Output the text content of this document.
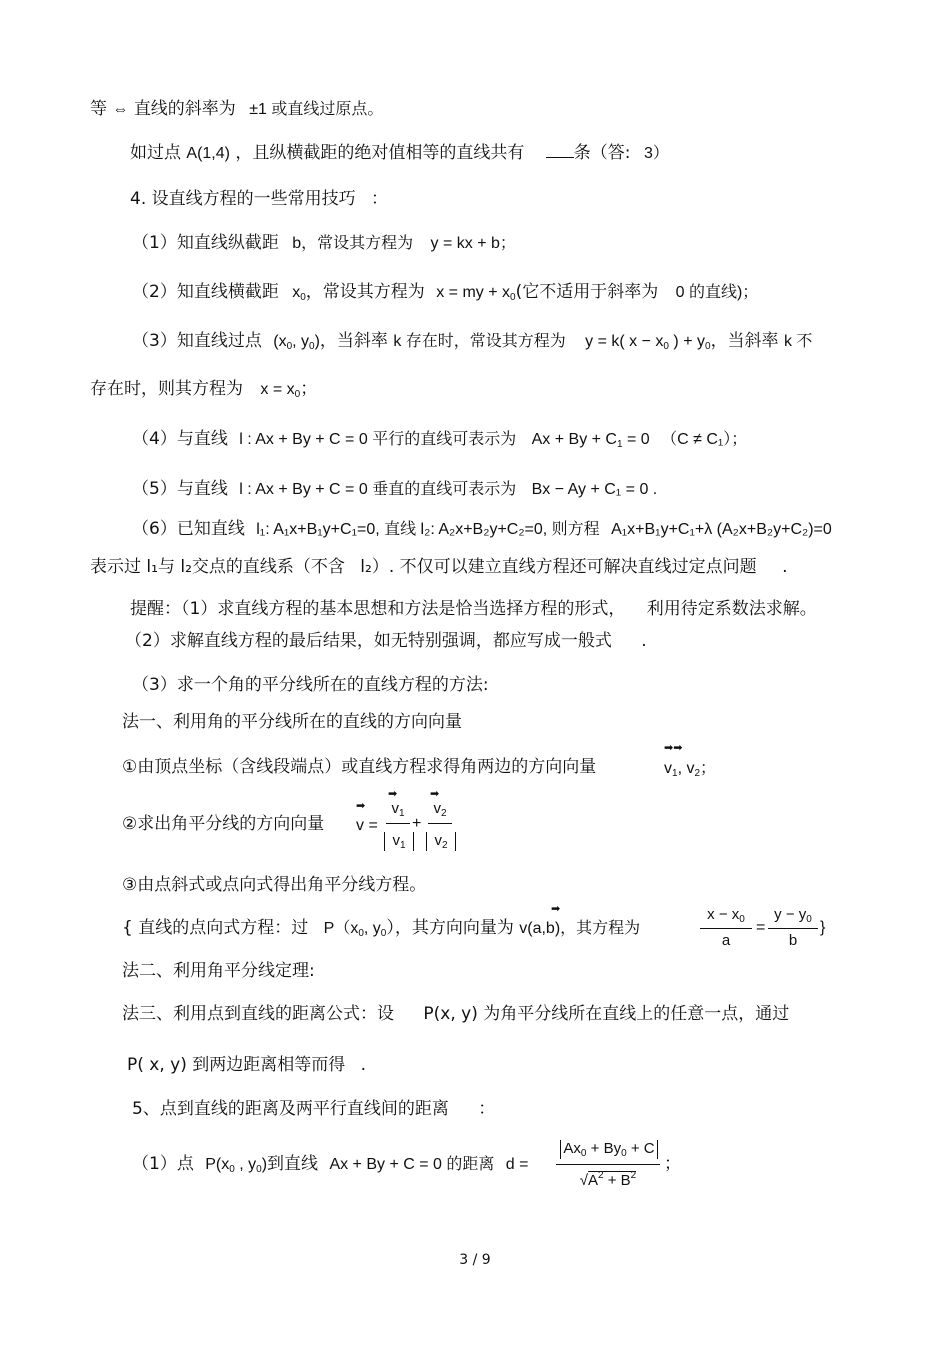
等 ⇔ 直线的斜率为 ±1 或直线过原点。
如过点 A(1,4) ，且纵横截距的绝对值相等的直线共有	条（答: 3）
4. 设直线方程的一些常用技巧 ：
（1）知直线纵截距 b，常设其方程为 y = kx + b；
（2）知直线横截距 $x_0$，常设其方程为 x = my + $x_0$(它不适用于斜率为 0 的直线)；
（3）知直线过点 ($x_0$, $y_0$)，当斜率 k 存在时，常设其方程为 y = k( $x - x_0$ ) + $y_0$，当斜率 k 不
存在时，则其方程为 $x = x_0$；
（4）与直线 l : Ax + By + C = 0 平行的直线可表示为 $Ax + By + C_1 = 0$ （C ≠ C₁）；
（5）与直线 l : Ax + By + C = 0 垂直的直线可表示为 Bx − Ay + C₁ = 0 .
（6）已知直线 l₁: A₁x+B₁y+C₁=0, 直线 l₂: A₂x+B₂y+C₂=0, 则方程 A₁x+B₁y+C₁+λ (A₂x+B₂y+C₂)=0
表示过 l₁与 l₂交点的直线系（不含 l₂）. 不仅可以建立直线方程还可解决直线过定点问题 .
提醒：（1）求直线方程的基本思想和方法是恰当选择方程的形式， 利用待定系数法求解。
（2）求解直线方程的最后结果，如无特别强调，都应写成一般式 .
（3）求一个角的平分线所在的直线方程的方法:
法一、利用角的平分线所在的直线的方向向量
①由顶点坐标（含线段端点）或直线方程求得角两边的方向向量
➡➡
$v_1$, $v_2$；
②求出角平分线的方向向量
➡
v =
➡
$v_1$
$v_1$
+
➡
$v_2$
$v_2$
③由点斜式或点向式得出角平分线方程。
{ 直线的点向式方程：过 $P(x_0$, $y_0$），其方向向量为 v(a,b)，其方程为
➡	$x - x_0$
a
=
$y - y_0$
b
}
法二、利用角平分线定理:
法三、利用点到直线的距离公式：设 P(x, y) 为角平分线所在直线上的任意一点，通过
P( x, y) 到两边距离相等而得 .
5、点到直线的距离及两平行直线间的距离 ：
（1）点 $P(x_0$ , $y_0$)到直线 Ax + By + C = 0 的距离 d =
$Ax_0 + By_0 + C$
$√A^2 + B^2$
；
3 / 9
